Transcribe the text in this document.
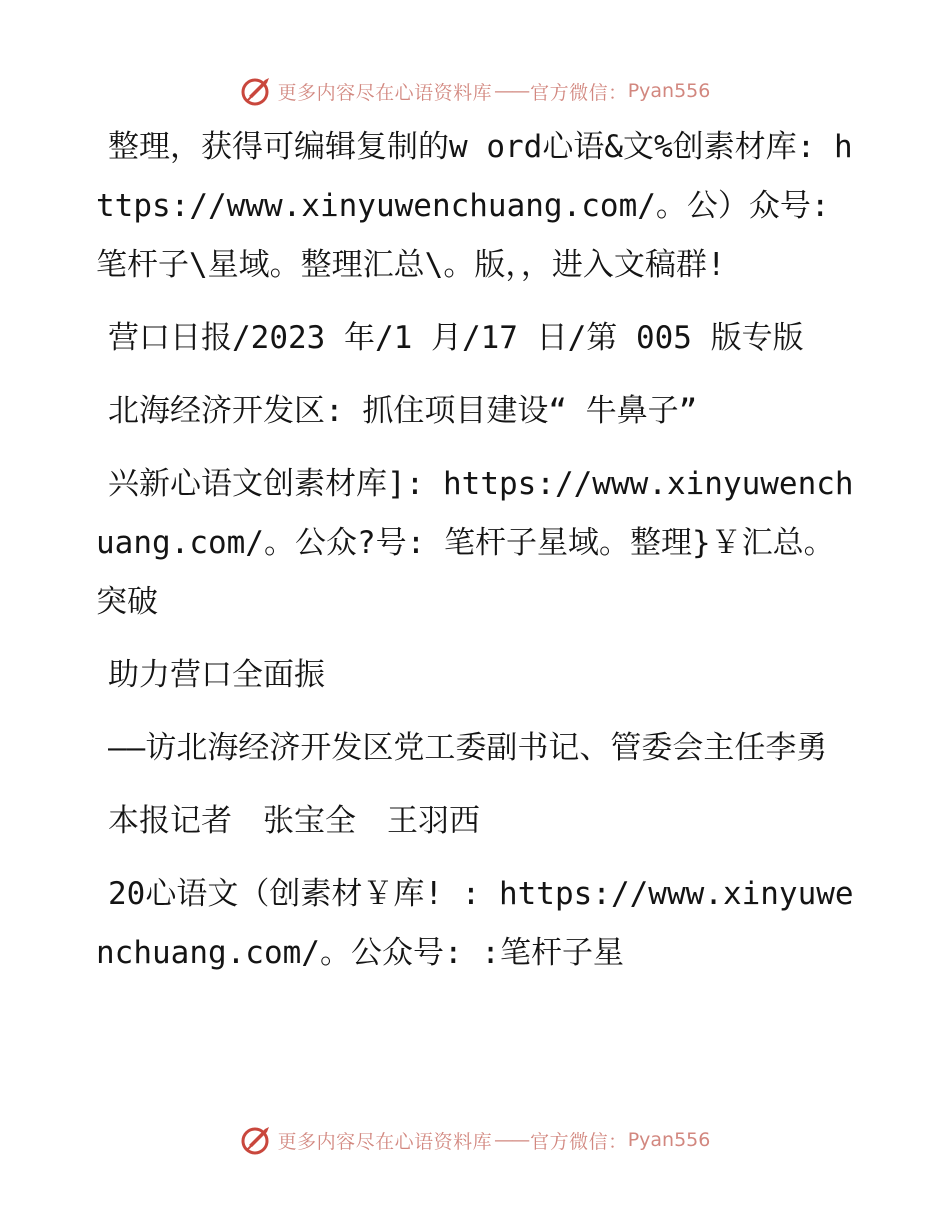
更多内容尽在心语资料库 —— 官方微信： Pyan556

整理，获得可编辑复制的w ord心语&文%创素材库: https://www.xinyuwenchuang.com/。公）众号: 笔杆子\星域。整理汇总\。版，，进入文稿群!

营口日报/2023 年/1 月/17 日/第 005 版专版

北海经济开发区: 抓住项目建设“ 牛鼻子”

兴新心语文创素材库]: https://www.xinyuwenchuang.com/。公众?号: 笔杆子星域。整理}￥汇总。突破

助力营口全面振

——访北海经济开发区党工委副书记、管委会主任李勇

本报记者　张宝全　王羽西

20心语文（创素材￥库! : https://www.xinyuwenchuang.com/。公众号: :笔杆子星

更多内容尽在心语资料库 —— 官方微信： Pyan556
